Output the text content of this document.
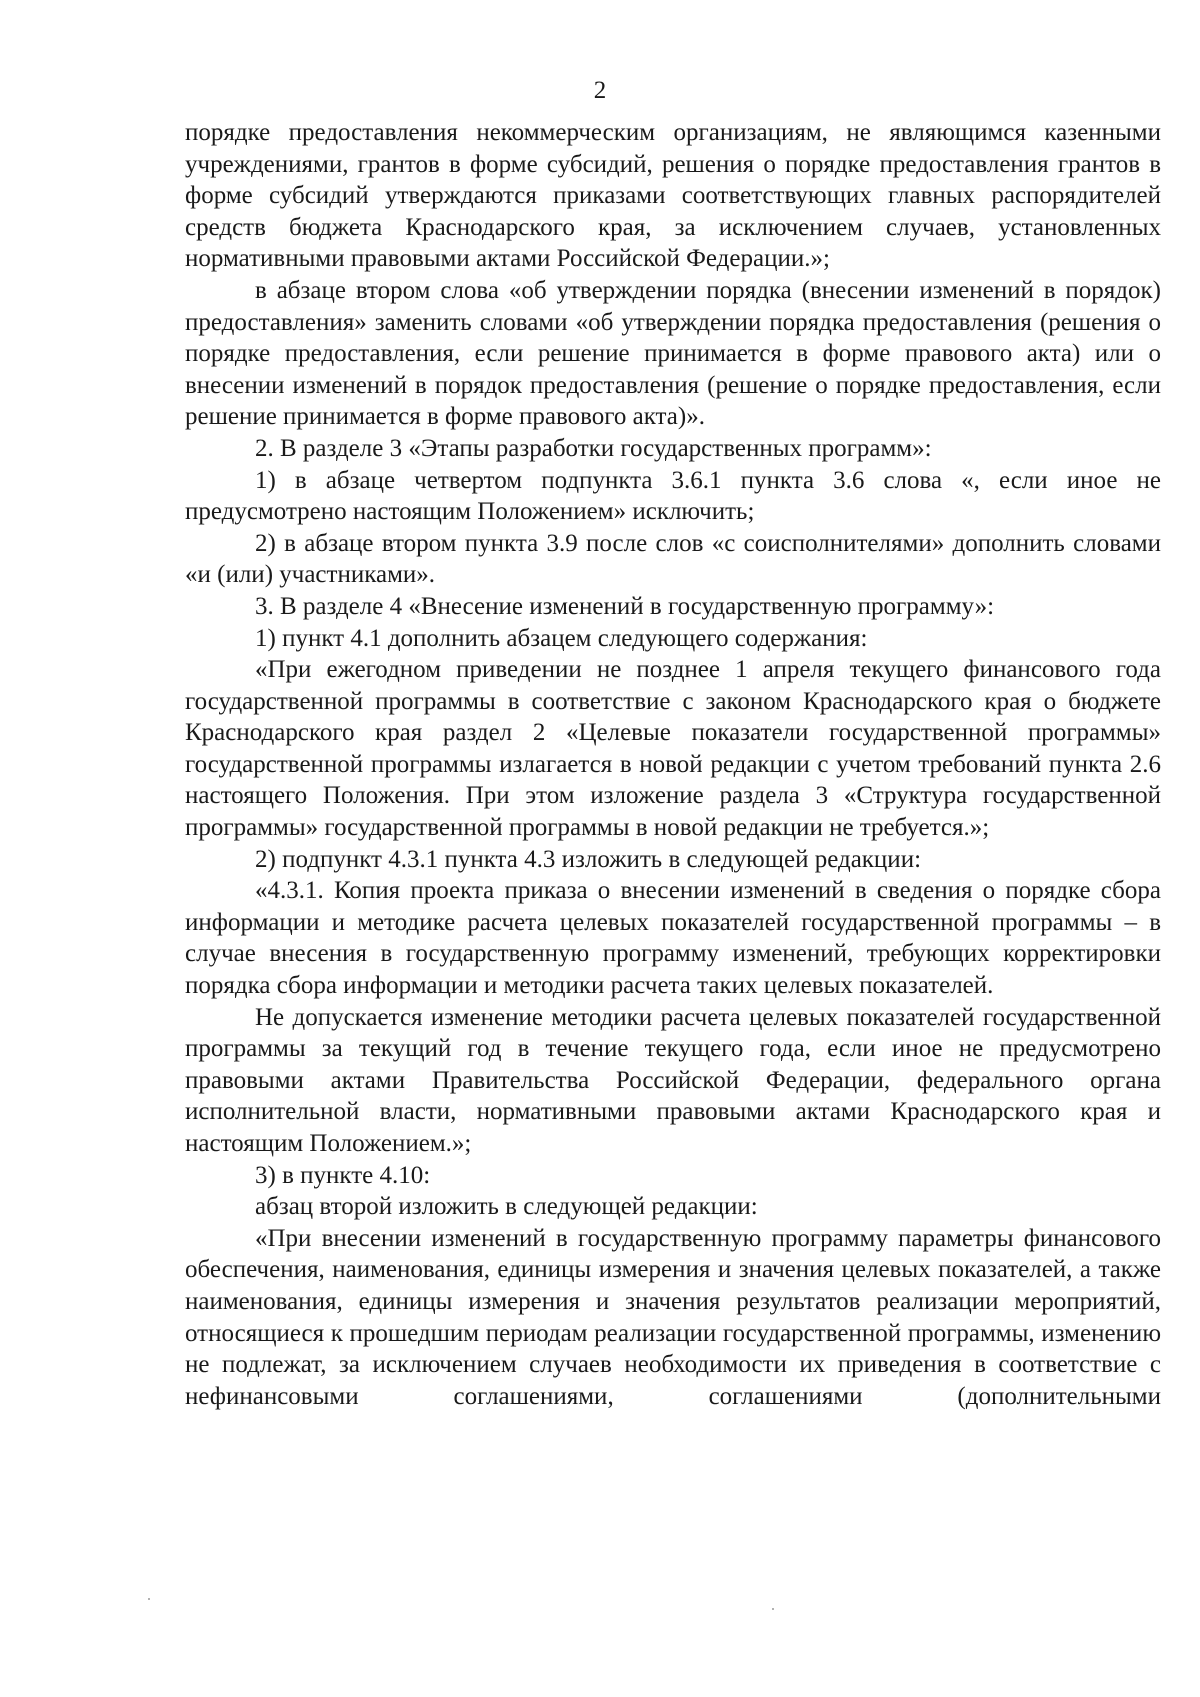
2

порядке предоставления некоммерческим организациям, не являющимся казенными учреждениями, грантов в форме субсидий, решения о порядке предоставления грантов в форме субсидий утверждаются приказами соответствующих главных распорядителей средств бюджета Краснодарского края, за исключением случаев, установленных нормативными правовыми актами Российской Федерации.»;

в абзаце втором слова «об утверждении порядка (внесении изменений в порядок) предоставления» заменить словами «об утверждении порядка предоставления (решения о порядке предоставления, если решение принимается в форме правового акта) или о внесении изменений в порядок предоставления (решение о порядке предоставления, если решение принимается в форме правового акта)».

2. В разделе 3 «Этапы разработки государственных программ»:

1) в абзаце четвертом подпункта 3.6.1 пункта 3.6 слова «, если иное не предусмотрено настоящим Положением» исключить;

2) в абзаце втором пункта 3.9 после слов «с соисполнителями» дополнить словами «и (или) участниками».

3. В разделе 4 «Внесение изменений в государственную программу»:

1) пункт 4.1 дополнить абзацем следующего содержания:

«При ежегодном приведении не позднее 1 апреля текущего финансового года государственной программы в соответствие с законом Краснодарского края о бюджете Краснодарского края раздел 2 «Целевые показатели государственной программы» государственной программы излагается в новой редакции с учетом требований пункта 2.6 настоящего Положения. При этом изложение раздела 3 «Структура государственной программы» государственной программы в новой редакции не требуется.»;

2) подпункт 4.3.1 пункта 4.3 изложить в следующей редакции:

«4.3.1. Копия проекта приказа о внесении изменений в сведения о порядке сбора информации и методике расчета целевых показателей государственной программы – в случае внесения в государственную программу изменений, требующих корректировки порядка сбора информации и методики расчета таких целевых показателей.

Не допускается изменение методики расчета целевых показателей государственной программы за текущий год в течение текущего года, если иное не предусмотрено правовыми актами Правительства Российской Федерации, федерального органа исполнительной власти, нормативными правовыми актами Краснодарского края и настоящим Положением.»;

3) в пункте 4.10:

абзац второй изложить в следующей редакции:

«При внесении изменений в государственную программу параметры финансового обеспечения, наименования, единицы измерения и значения целевых показателей, а также наименования, единицы измерения и значения результатов реализации мероприятий, относящиеся к прошедшим периодам реализации государственной программы, изменению не подлежат, за исключением случаев необходимости их приведения в соответствие с нефинансовыми соглашениями, соглашениями (дополнительными
